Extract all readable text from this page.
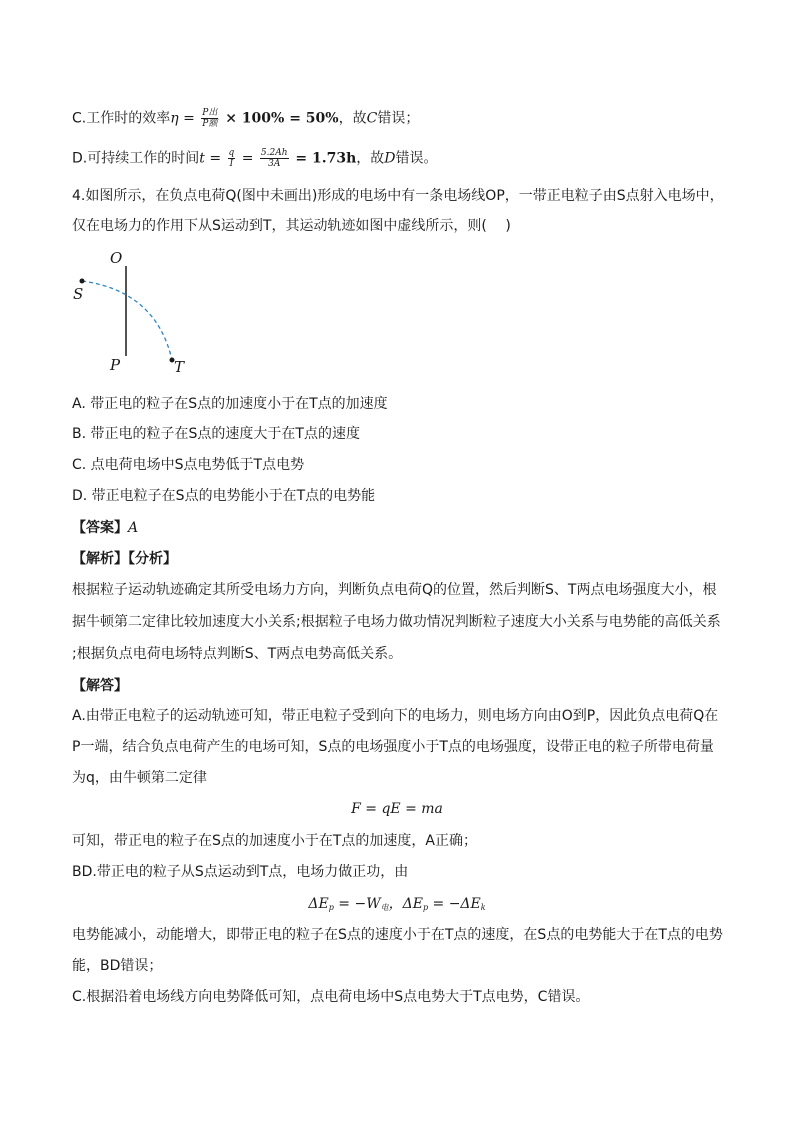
C.工作时的效率$\eta = \frac{\text{P出}}{\text{P额}} \times 100\% = 50\%$，故C错误；
D.可持续工作的时间$t = \frac{q}{I} = \frac{5.2Ah}{3A} = 1.73h$，故D错误。
4.如图所示，在负点电荷Q(图中未画出)形成的电场中有一条电场线OP，一带正电粒子由S点射入电场中，
仅在电场力的作用下从S运动到T，其运动轨迹如图中虚线所示，则(　 )
O
S
P	T
A. 带正电的粒子在S点的加速度小于在T点的加速度
B. 带正电的粒子在S点的速度大于在T点的速度
C. 点电荷电场中S点电势低于T点电势
D. 带正电粒子在S点的电势能小于在T点的电势能
【答案】A
【解析】【分析】
根据粒子运动轨迹确定其所受电场力方向，判断负点电荷Q的位置，然后判断S、T两点电场强度大小，根
据牛顿第二定律比较加速度大小关系;根据粒子电场力做功情况判断粒子速度大小关系与电势能的高低关系
;根据负点电荷电场特点判断S、T两点电势高低关系。
【解答】
A.由带正电粒子的运动轨迹可知，带正电粒子受到向下的电场力，则电场方向由O到P，因此负点电荷Q在
P一端，结合负点电荷产生的电场可知，S点的电场强度小于T点的电场强度，设带正电的粒子所带电荷量
为q，由牛顿第二定律
F = qE = ma
可知，带正电的粒子在S点的加速度小于在T点的加速度，A正确；
BD.带正电的粒子从S点运动到T点，电场力做正功，由
$\Delta E_p = -W_电$，$\Delta E_p = -\Delta E_k$
电势能减小，动能增大，即带正电的粒子在S点的速度小于在T点的速度，在S点的电势能大于在T点的电势
能，BD错误；
C.根据沿着电场线方向电势降低可知，点电荷电场中S点电势大于T点电势，C错误。
